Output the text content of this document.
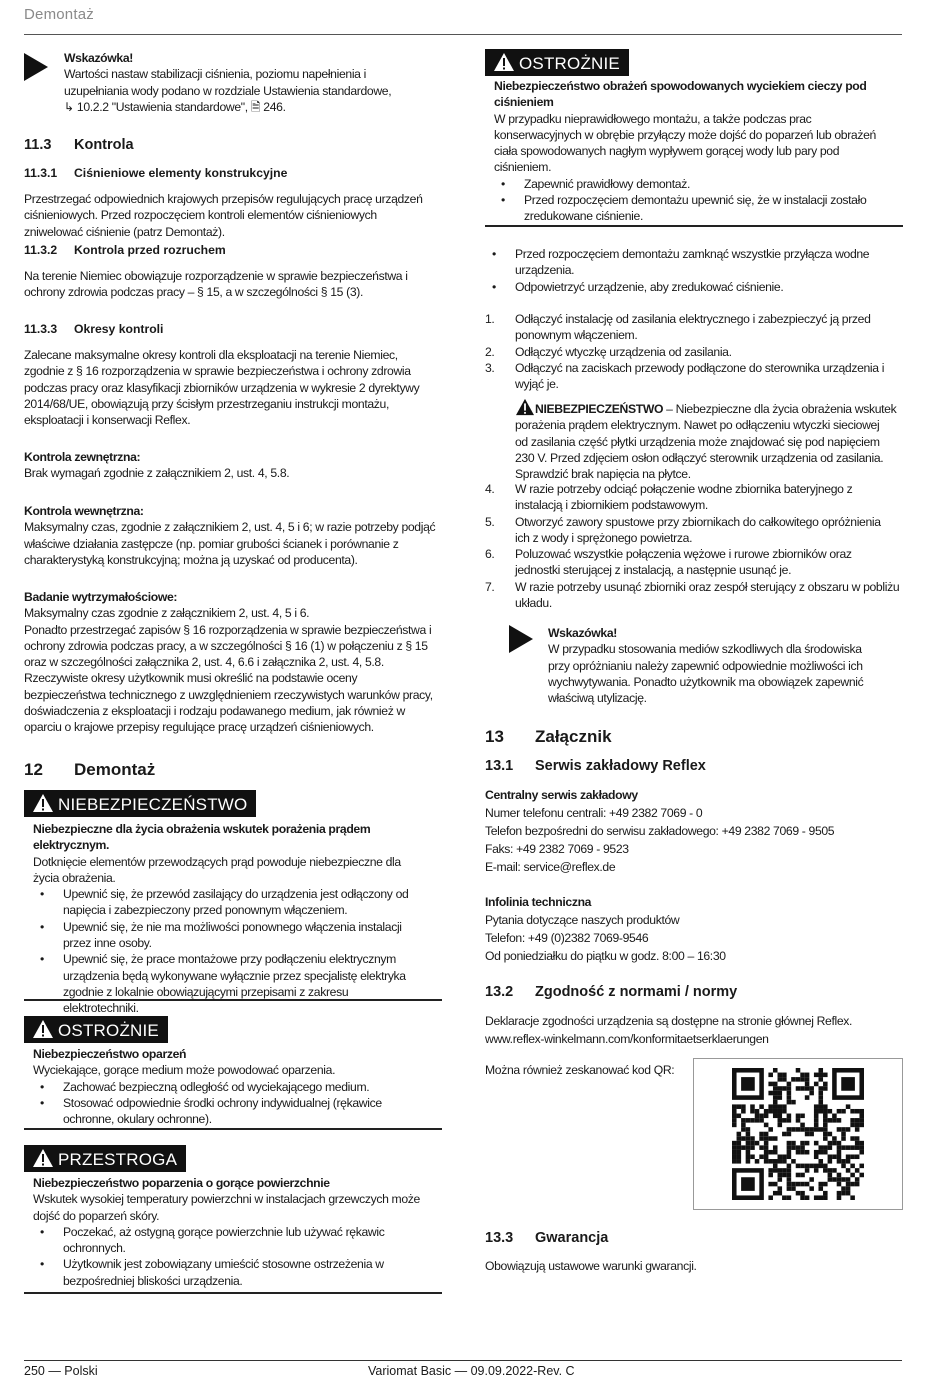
Demontaż
Wskazówka!
Wartości nastaw stabilizacji ciśnienia, poziomu napełnienia i
uzupełniania wody podano w rozdziale Ustawienia standardowe,
↳ 10.2.2 "Ustawienia standardowe", 🗎 246.
11.3 Kontrola
11.3.1 Ciśnieniowe elementy konstrukcyjne
Przestrzegać odpowiednich krajowych przepisów regulujących pracę urządzeń
ciśnieniowych. Przed rozpoczęciem kontroli elementów ciśnieniowych
zniwelować ciśnienie (patrz Demontaż).
11.3.2 Kontrola przed rozruchem
Na terenie Niemiec obowiązuje rozporządzenie w sprawie bezpieczeństwa i
ochrony zdrowia podczas pracy – § 15, a w szczególności § 15 (3).
11.3.3 Okresy kontroli
Zalecane maksymalne okresy kontroli dla eksploatacji na terenie Niemiec,
zgodnie z § 16 rozporządzenia w sprawie bezpieczeństwa i ochrony zdrowia
podczas pracy oraz klasyfikacji zbiorników urządzenia w wykresie 2 dyrektywy
2014/68/UE, obowiązują przy ścisłym przestrzeganiu instrukcji montażu,
eksploatacji i konserwacji Reflex.
Kontrola zewnętrzna:
Brak wymagań zgodnie z załącznikiem 2, ust. 4, 5.8.
Kontrola wewnętrzna:
Maksymalny czas, zgodnie z załącznikiem 2, ust. 4, 5 i 6; w razie potrzeby podjąć
właściwe działania zastępcze (np. pomiar grubości ścianek i porównanie z
charakterystyką konstrukcyjną; można ją uzyskać od producenta).
Badanie wytrzymałościowe:
Maksymalny czas zgodnie z załącznikiem 2, ust. 4, 5 i 6.
Ponadto przestrzegać zapisów § 16 rozporządzenia w sprawie bezpieczeństwa i
ochrony zdrowia podczas pracy, a w szczególności § 16 (1) w połączeniu z § 15
oraz w szczególności załącznika 2, ust. 4, 6.6 i załącznika 2, ust. 4, 5.8.
Rzeczywiste okresy użytkownik musi określić na podstawie oceny
bezpieczeństwa technicznego z uwzględnieniem rzeczywistych warunków pracy,
doświadczenia z eksploatacji i rodzaju podawanego medium, jak również w
oparciu o krajowe przepisy regulujące pracę urządzeń ciśnieniowych.
12 Demontaż
NIEBEZPIECZEŃSTWO
Niebezpieczne dla życia obrażenia wskutek porażenia prądem elektrycznym.
Dotknięcie elementów przewodzących prąd powoduje niebezpieczne dla
życia obrażenia.
• Upewnić się, że przewód zasilający do urządzenia jest odłączony od
napięcia i zabezpieczony przed ponownym włączeniem.
• Upewnić się, że nie ma możliwości ponownego włączenia instalacji
przez inne osoby.
• Upewnić się, że prace montażowe przy podłączeniu elektrycznym
urządzenia będą wykonywane wyłącznie przez specjalistę elektryka
zgodnie z lokalnie obowiązującymi przepisami z zakresu
elektrotechniki.
OSTROŻNIE
Niebezpieczeństwo oparzeń
Wyciekające, gorące medium może powodować oparzenia.
• Zachować bezpieczną odległość od wyciekającego medium.
• Stosować odpowiednie środki ochrony indywidualnej (rękawice
ochronne, okulary ochronne).
PRZESTROGA
Niebezpieczeństwo poparzenia o gorące powierzchnie
Wskutek wysokiej temperatury powierzchni w instalacjach grzewczych może
dojść do poparzeń skóry.
• Poczekać, aż ostygną gorące powierzchnie lub używać rękawic
ochronnych.
• Użytkownik jest zobowiązany umieścić stosowne ostrzeżenia w
bezpośredniej bliskości urządzenia.
OSTROŻNIE
Niebezpieczeństwo obrażeń spowodowanych wyciekiem cieczy pod
ciśnieniem
W przypadku nieprawidłowego montażu, a także podczas prac
konserwacyjnych w obrębie przyłączy może dojść do poparzeń lub obrażeń
ciała spowodowanych nagłym wypływem gorącej wody lub pary pod
ciśnieniem.
• Zapewnić prawidłowy demontaż.
• Przed rozpoczęciem demontażu upewnić się, że w instalacji zostało
zredukowane ciśnienie.
• Przed rozpoczęciem demontażu zamknąć wszystkie przyłącza wodne
urządzenia.
• Odpowietrzyć urządzenie, aby zredukować ciśnienie.
1. Odłączyć instalację od zasilania elektrycznego i zabezpieczyć ją przed
ponownym włączeniem.
2. Odłączyć wtyczkę urządzenia od zasilania.
3. Odłączyć na zaciskach przewody podłączone do sterownika urządzenia i
wyjąć je.
NIEBEZPIECZEŃSTWO – Niebezpieczne dla życia obrażenia wskutek
porażenia prądem elektrycznym. Nawet po odłączeniu wtyczki sieciowej
od zasilania część płytki urządzenia może znajdować się pod napięciem
230 V. Przed zdjęciem osłon odłączyć sterownik urządzenia od zasilania.
Sprawdzić brak napięcia na płytce.
4. W razie potrzeby odciąć połączenie wodne zbiornika bateryjnego z
instalacją i zbiornikiem podstawowym.
5. Otworzyć zawory spustowe przy zbiornikach do całkowitego opróżnienia
ich z wody i sprężonego powietrza.
6. Poluzować wszystkie połączenia wężowe i rurowe zbiorników oraz
jednostki sterującej z instalacją, a następnie usunąć je.
7. W razie potrzeby usunąć zbiorniki oraz zespół sterujący z obszaru w pobliżu
układu.
Wskazówka!
W przypadku stosowania mediów szkodliwych dla środowiska
przy opróżnianiu należy zapewnić odpowiednie możliwości ich
wychwytywania. Ponadto użytkownik ma obowiązek zapewnić
właściwą utylizację.
13 Załącznik
13.1 Serwis zakładowy Reflex
Centralny serwis zakładowy
Numer telefonu centrali: +49 2382 7069 - 0
Telefon bezpośredni do serwisu zakładowego: +49 2382 7069 - 9505
Faks: +49 2382 7069 - 9523
E-mail: service@reflex.de
Infolinia techniczna
Pytania dotyczące naszych produktów
Telefon: +49 (0)2382 7069-9546
Od poniedziałku do piątku w godz. 8:00 – 16:30
13.2 Zgodność z normami / normy
Deklaracje zgodności urządzenia są dostępne na stronie głównej Reflex.
www.reflex-winkelmann.com/konformitaetserklaerungen
Można również zeskanować kod QR:
13.3 Gwarancja
Obowiązują ustawowe warunki gwarancji.
250 — Polski	Variomat Basic — 09.09.2022-Rev. C
